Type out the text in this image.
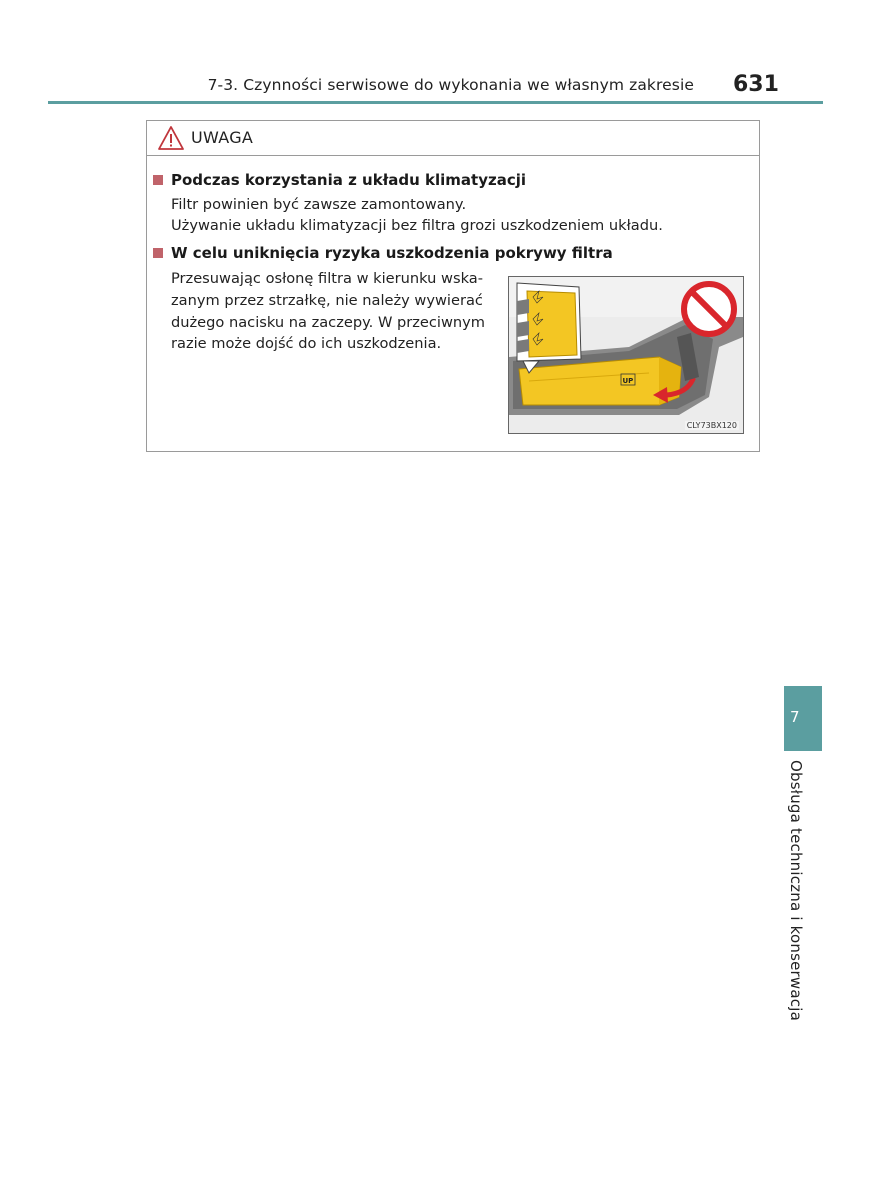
7-3. Czynności serwisowe do wykonania we własnym zakresie 631
UWAGA
Podczas korzystania z układu klimatyzacji
Filtr powinien być zawsze zamontowany.
Używanie układu klimatyzacji bez filtra grozi uszkodzeniem układu.
W celu uniknięcia ryzyka uszkodzenia pokrywy filtra
Przesuwając osłonę filtra w kierunku wska-
zanym przez strzałkę, nie należy wywierać
dużego nacisku na zaczepy. W przeciwnym
razie może dojść do ich uszkodzenia.
UP
CLY73BX120
7
Obsługa techniczna i konserwacja
